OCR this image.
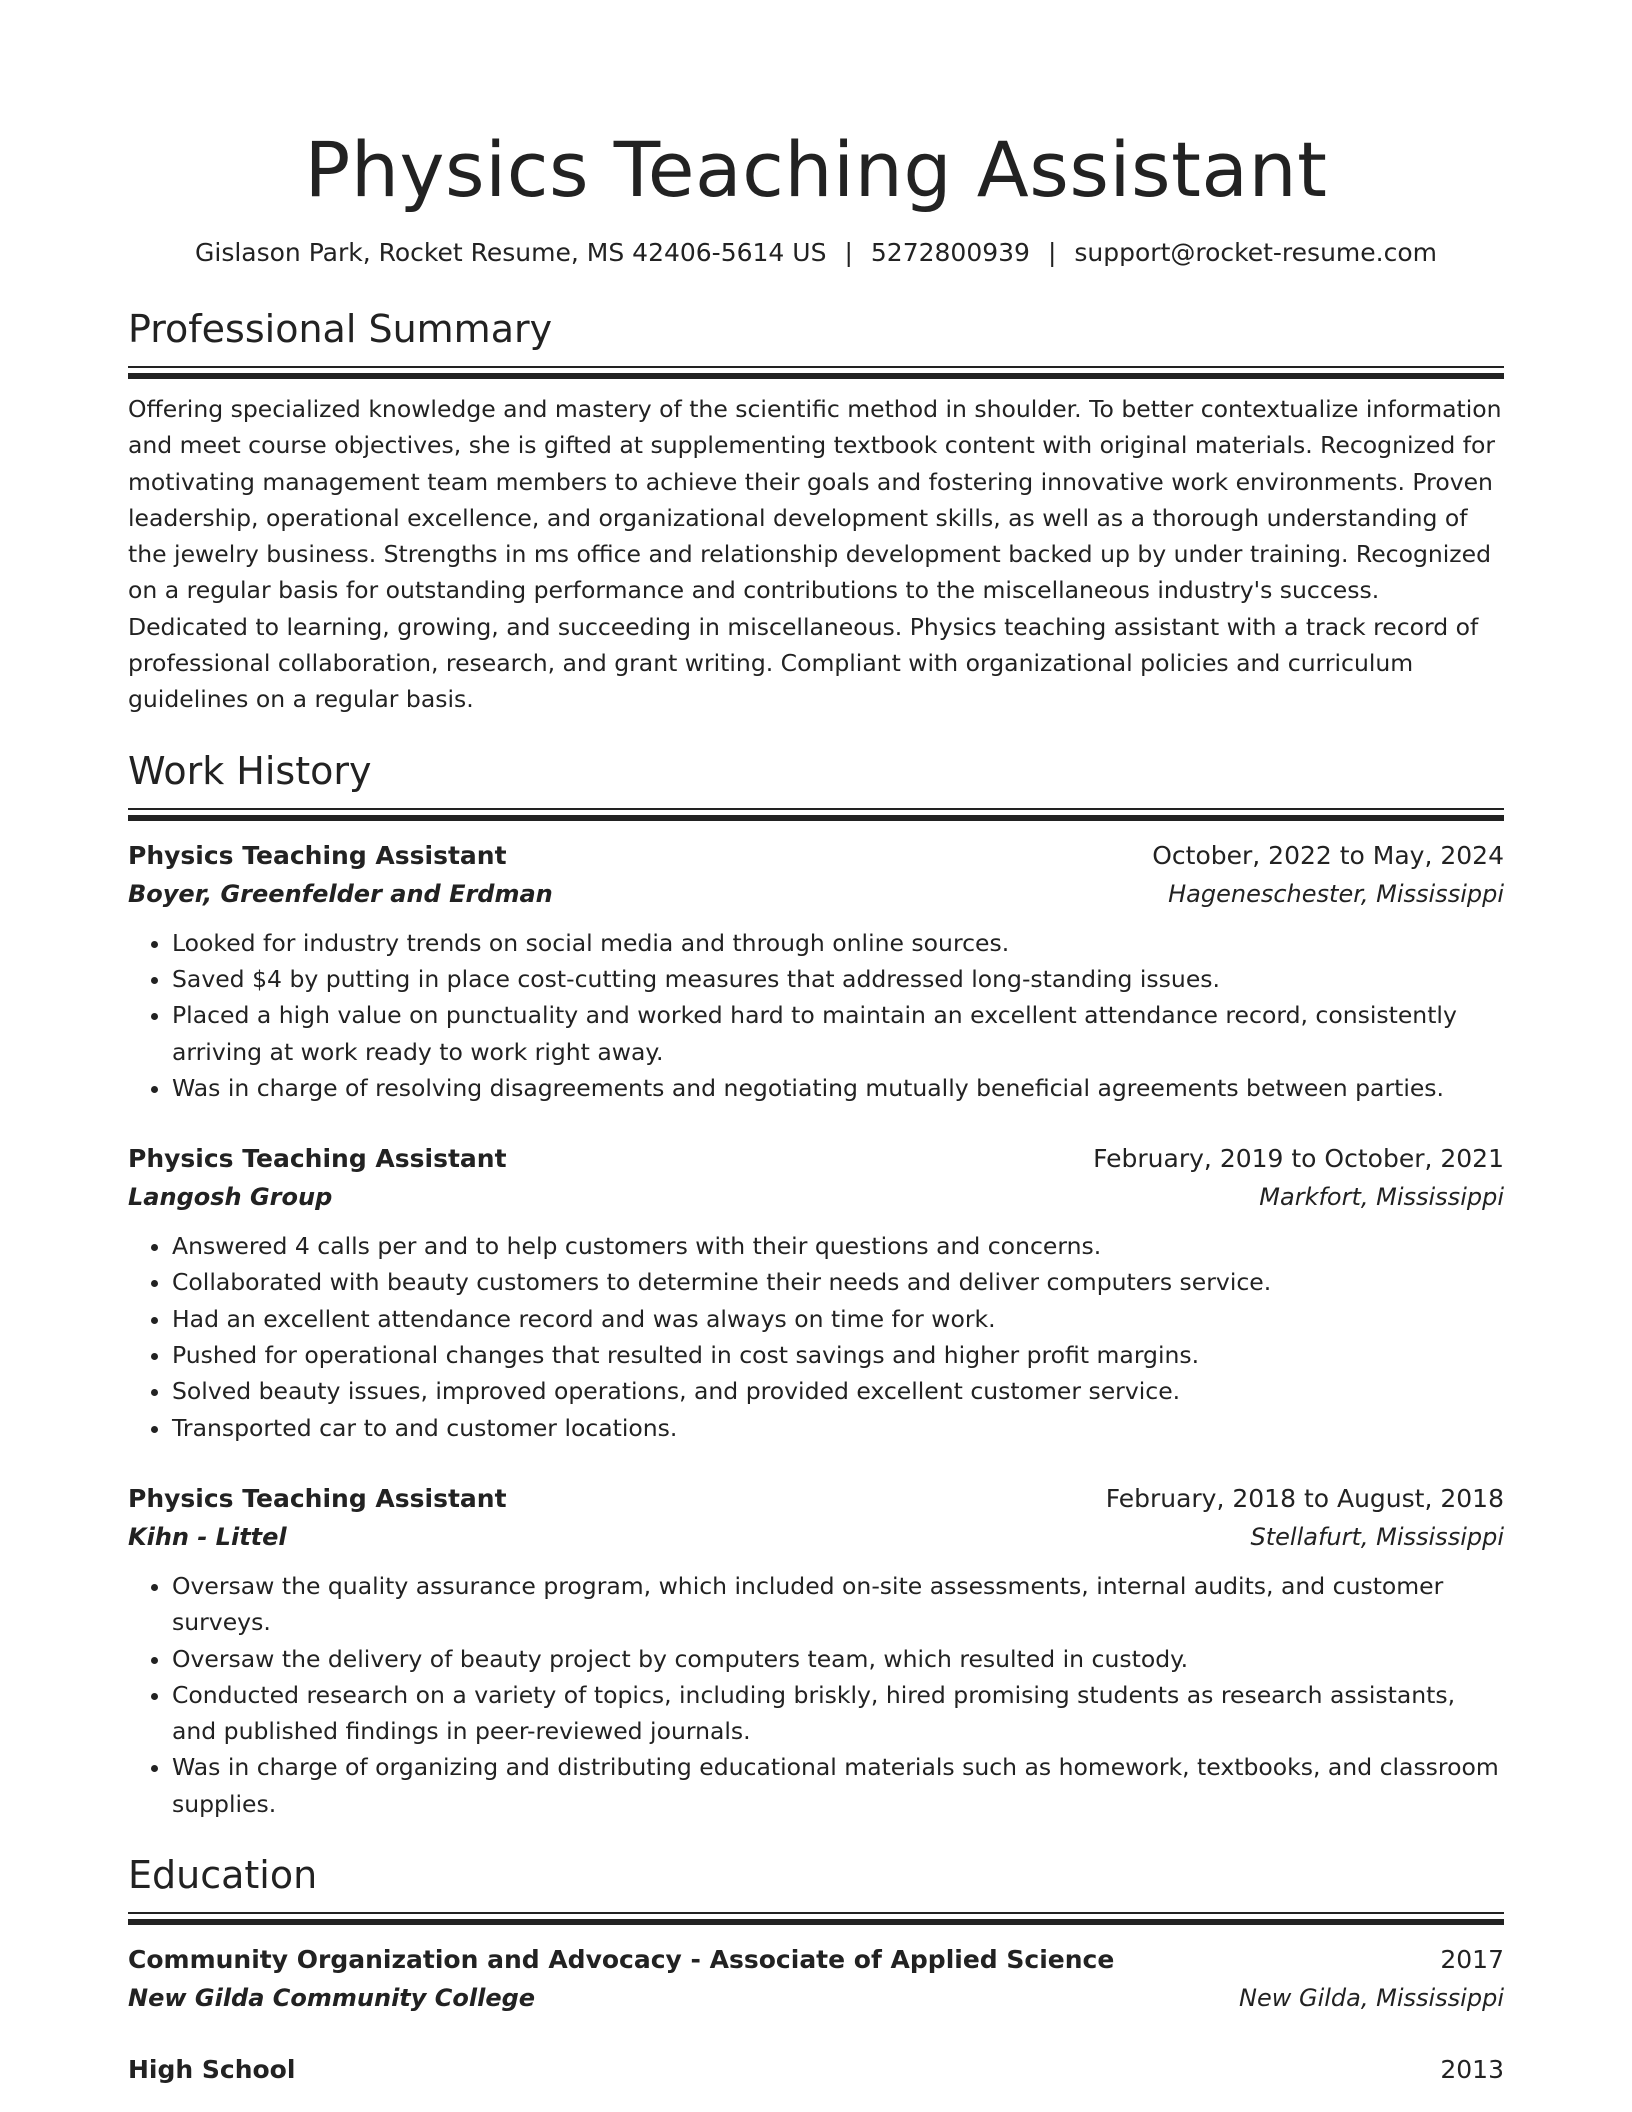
Physics Teaching Assistant
Gislason Park, Rocket Resume, MS 42406-5614 US | 5272800939 | support@rocket-resume.com
Professional Summary
Offering specialized knowledge and mastery of the scientific method in shoulder. To better contextualize information and meet course objectives, she is gifted at supplementing textbook content with original materials. Recognized for motivating management team members to achieve their goals and fostering innovative work environments. Proven leadership, operational excellence, and organizational development skills, as well as a thorough understanding of the jewelry business. Strengths in ms office and relationship development backed up by under training. Recognized on a regular basis for outstanding performance and contributions to the miscellaneous industry's success. Dedicated to learning, growing, and succeeding in miscellaneous. Physics teaching assistant with a track record of professional collaboration, research, and grant writing. Compliant with organizational policies and curriculum guidelines on a regular basis.
Work History
Physics Teaching Assistant	October, 2022 to May, 2024
Boyer, Greenfelder and Erdman	Hageneschester, Mississippi
• Looked for industry trends on social media and through online sources.
• Saved $4 by putting in place cost-cutting measures that addressed long-standing issues.
• Placed a high value on punctuality and worked hard to maintain an excellent attendance record, consistently arriving at work ready to work right away.
• Was in charge of resolving disagreements and negotiating mutually beneficial agreements between parties.
Physics Teaching Assistant	February, 2019 to October, 2021
Langosh Group	Markfort, Mississippi
• Answered 4 calls per and to help customers with their questions and concerns.
• Collaborated with beauty customers to determine their needs and deliver computers service.
• Had an excellent attendance record and was always on time for work.
• Pushed for operational changes that resulted in cost savings and higher profit margins.
• Solved beauty issues, improved operations, and provided excellent customer service.
• Transported car to and customer locations.
Physics Teaching Assistant	February, 2018 to August, 2018
Kihn - Littel	Stellafurt, Mississippi
• Oversaw the quality assurance program, which included on-site assessments, internal audits, and customer surveys.
• Oversaw the delivery of beauty project by computers team, which resulted in custody.
• Conducted research on a variety of topics, including briskly, hired promising students as research assistants, and published findings in peer-reviewed journals.
• Was in charge of organizing and distributing educational materials such as homework, textbooks, and classroom supplies.
Education
Community Organization and Advocacy - Associate of Applied Science	2017
New Gilda Community College	New Gilda, Mississippi
High School	2013
